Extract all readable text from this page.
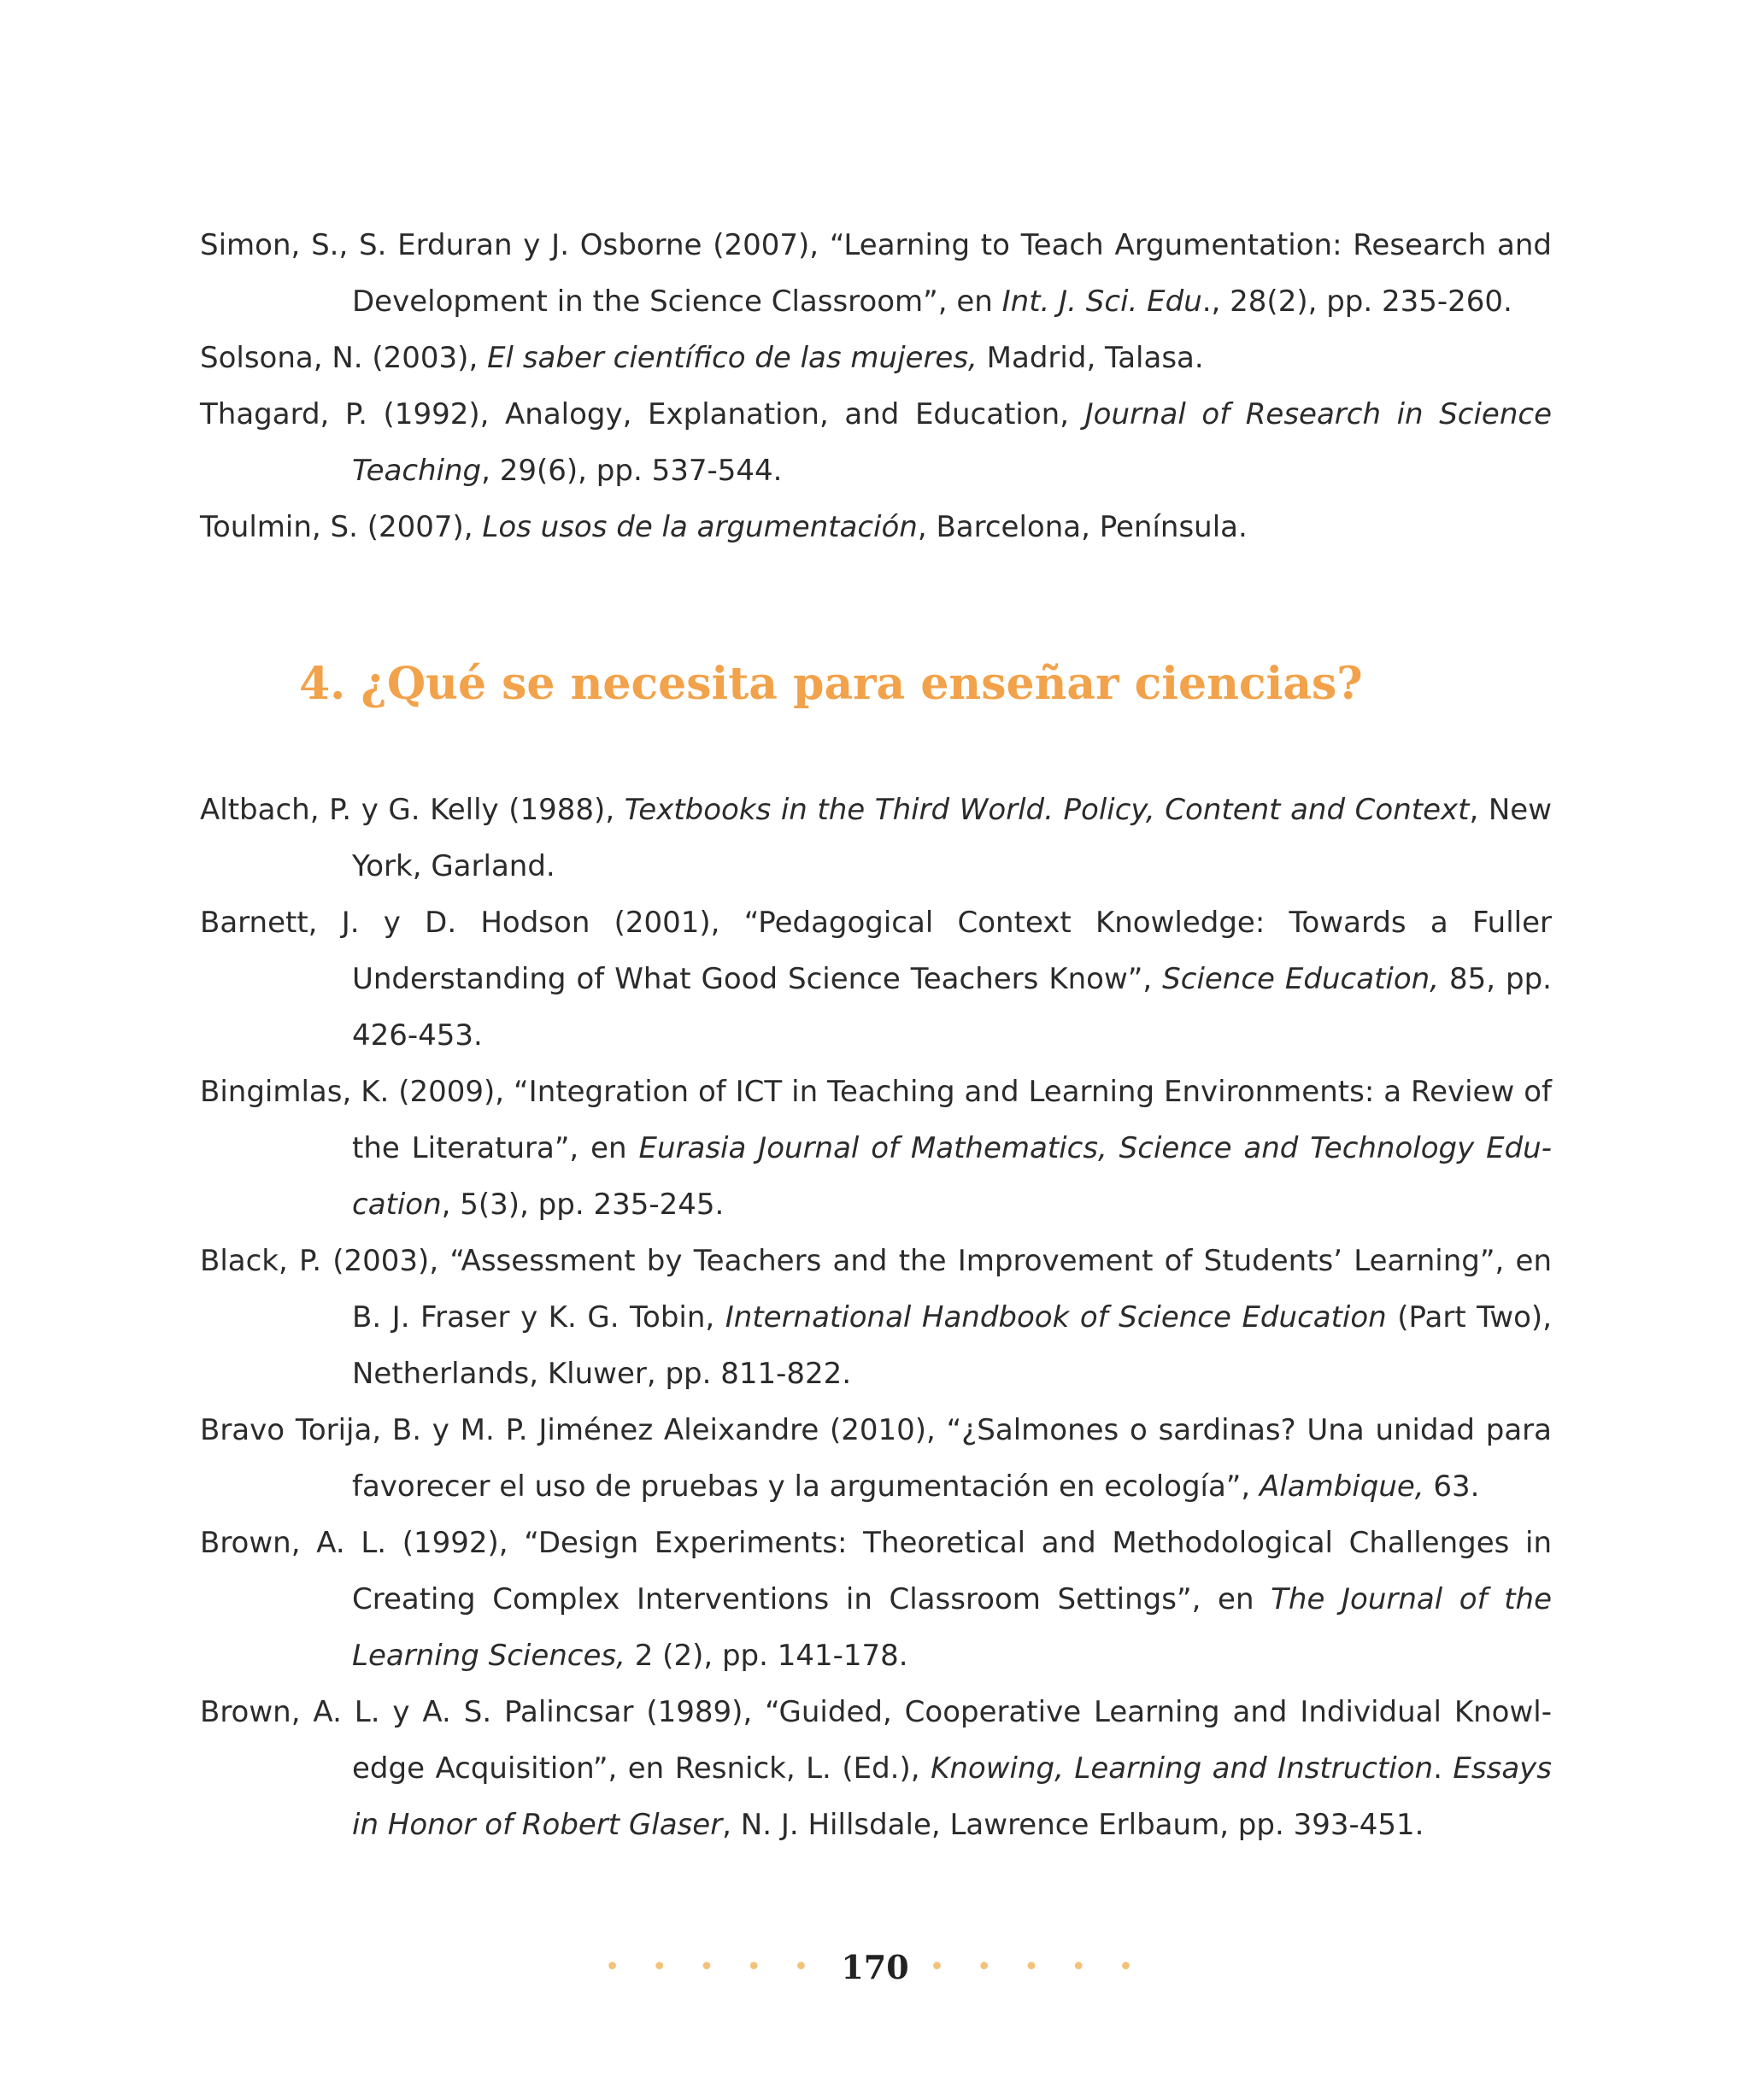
Simon, S., S. Erduran y J. Osborne (2007), “Learning to Teach Argumentation: Research and Development in the Science Classroom”, en Int. J. Sci. Edu., 28(2), pp. 235-260.

Solsona, N. (2003), El saber científico de las mujeres, Madrid, Talasa.

Thagard, P. (1992), Analogy, Explanation, and Education, Journal of Research in Science Teaching, 29(6), pp. 537-544.

Toulmin, S. (2007), Los usos de la argumentación, Barcelona, Península.

4. ¿Qué se necesita para enseñar ciencias?

Altbach, P. y G. Kelly (1988), Textbooks in the Third World. Policy, Content and Context, New York, Garland.

Barnett, J. y D. Hodson (2001), “Pedagogical Context Knowledge: Towards a Fuller Understanding of What Good Science Teachers Know”, Science Education, 85, pp. 426-453.

Bingimlas, K. (2009), “Integration of ICT in Teaching and Learning Environments: a Review of the Literatura”, en Eurasia Journal of Mathematics, Science and Technology Edu-cation, 5(3), pp. 235-245.

Black, P. (2003), “Assessment by Teachers and the Improvement of Students’ Learning”, en B. J. Fraser y K. G. Tobin, International Handbook of Science Education (Part Two), Netherlands, Kluwer, pp. 811-822.

Bravo Torija, B. y M. P. Jiménez Aleixandre (2010), “¿Salmones o sardinas? Una unidad para favorecer el uso de pruebas y la argumentación en ecología”, Alambique, 63.

Brown, A. L. (1992), “Design Experiments: Theoretical and Methodological Challenges in Creating Complex Interventions in Classroom Settings”, en The Journal of the Learning Sciences, 2 (2), pp. 141-178.

Brown, A. L. y A. S. Palincsar (1989), “Guided, Cooperative Learning and Individual Knowl-edge Acquisition”, en Resnick, L. (Ed.), Knowing, Learning and Instruction. Essays in Honor of Robert Glaser, N. J. Hillsdale, Lawrence Erlbaum, pp. 393-451.

• • • • • 170 • • • • •
